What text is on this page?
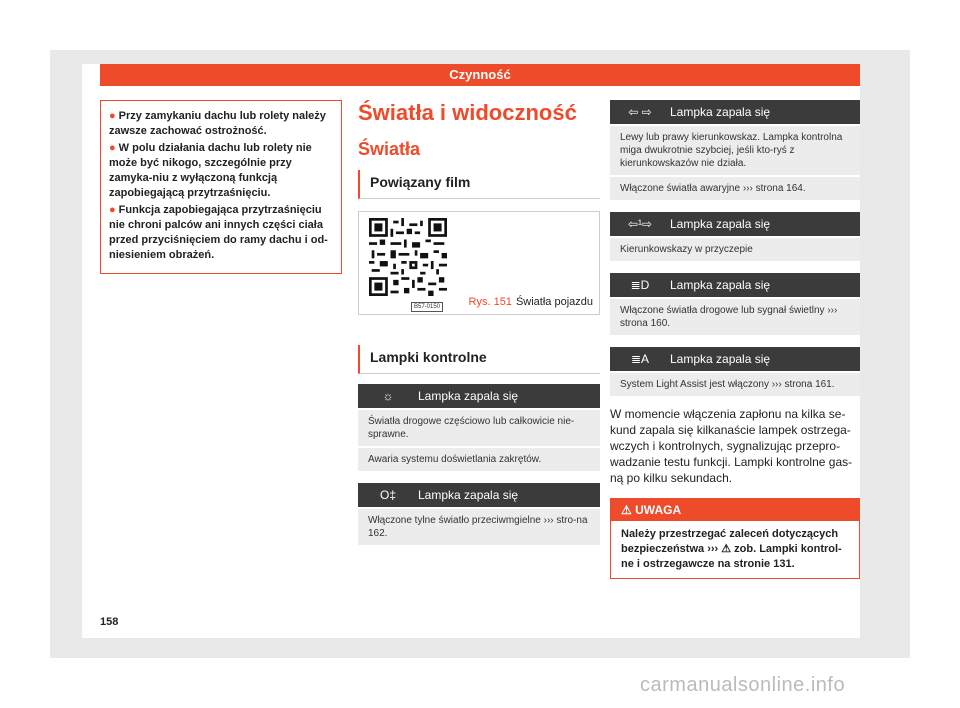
Czynność

● Przy zamykaniu dachu lub rolety należy zawsze zachować ostrożność.

● W polu działania dachu lub rolety nie może być nikogo, szczególnie przy zamyka-niu z wyłączoną funkcją zapobiegającą przytrzaśnięciu.

● Funkcja zapobiegająca przytrzaśnięciu nie chroni palców ani innych części ciała przed przyciśnięciem do ramy dachu i od-niesieniem obrażeń.

Światła i widoczność
Światła
Powiązany film
B57-0150	Rys. 151 Światła pojazdu
Lampki kontrolne
☼	Lampka zapala się
Światła drogowe częściowo lub całkowicie nie-sprawne.
Awaria systemu doświetlania zakrętów.
O‡	Lampka zapala się
Włączone tylne światło przeciwmgielne ››› stro-na 162.
⇦ ⇨	Lampka zapala się
Lewy lub prawy kierunkowskaz. Lampka kontrolna miga dwukrotnie szybciej, jeśli kto-ryś z kierunkowskazów nie działa.
Włączone światła awaryjne ››› strona 164.
⇦¹⇨	Lampka zapala się
Kierunkowskazy w przyczepie
≣D	Lampka zapala się
Włączone światła drogowe lub sygnał świetlny ››› strona 160.
≣A	Lampka zapala się
System Light Assist jest włączony ››› strona 161.
W momencie włączenia zapłonu na kilka se-kund zapala się kilkanaście lampek ostrzega-wczych i kontrolnych, sygnalizując przepro-wadzanie testu funkcji. Lampki kontrolne gas-ną po kilku sekundach.
⚠ UWAGA
Należy przestrzegać zaleceń dotyczących bezpieczeństwa ››› ⚠ zob. Lampki kontrol-ne i ostrzegawcze na stronie 131.
158
carmanualsonline.info
